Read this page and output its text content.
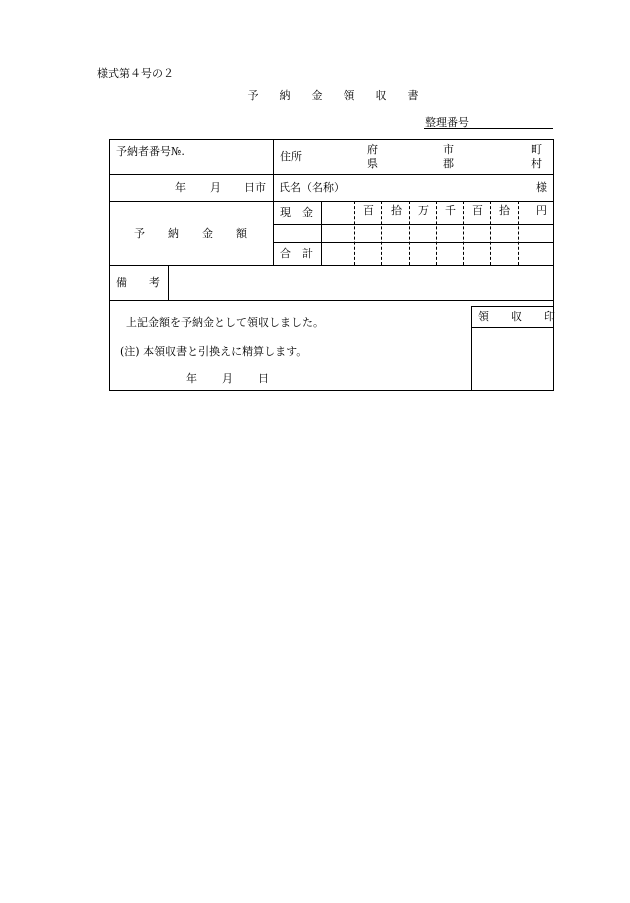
様式第４号の２
予 納 金 領 収 書
整理番号
予納者番号№.	住所
府
県
市
郡
町
村
年 月 日市 氏名（名称）	様
予 納 金 額
現　金
合　計
百 拾 万 千 百 拾 円
備　　考
上記金額を予納金として領収しました。
(注) 本領収書と引換えに精算します。
年 月 日
領　　収　　印
